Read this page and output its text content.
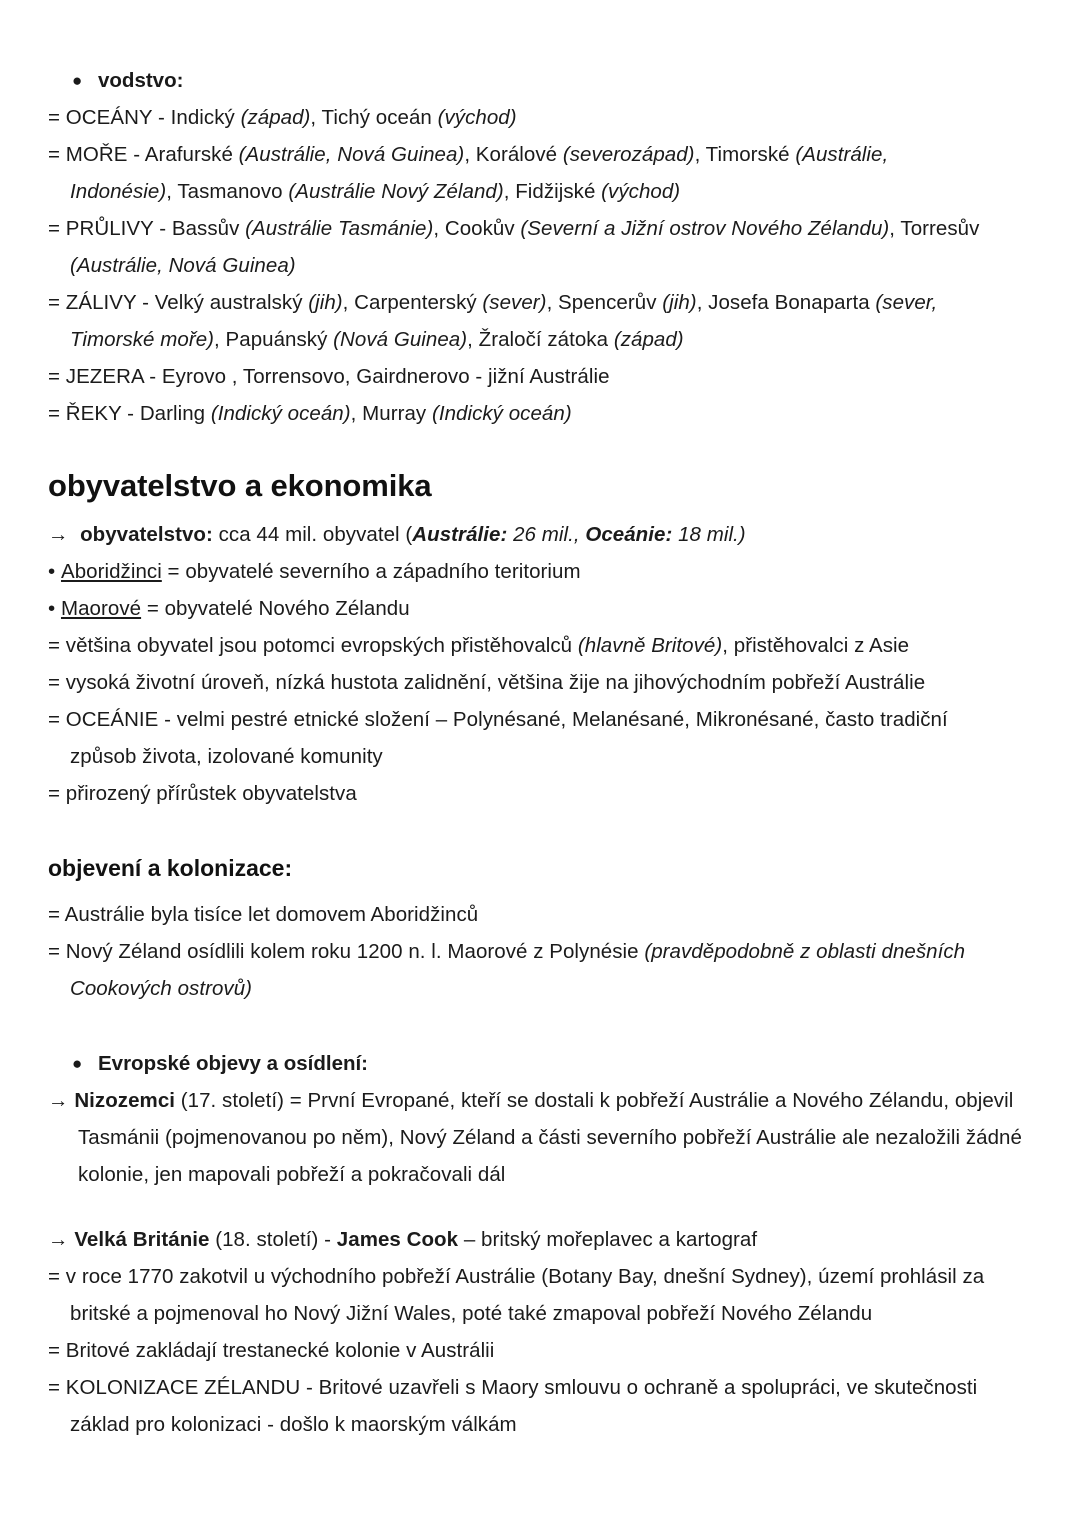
● vodstvo:
= OCEÁNY - Indický (západ), Tichý oceán (východ)
= MOŘE - Arafurské (Austrálie, Nová Guinea), Korálové (severozápad), Timorské (Austrálie, Indonésie), Tasmanovo (Austrálie Nový Zéland), Fidžijské (východ)
= PRŮLIVY - Bassův (Austrálie Tasmánie), Cookův (Severní a Jižní ostrov Nového Zélandu), Torresův (Austrálie, Nová Guinea)
= ZÁLIVY - Velký australský (jih), Carpenterský (sever), Spencerův (jih), Josefa Bonaparta (sever, Timorské moře), Papuánský (Nová Guinea), Žraločí zátoka (západ)
= JEZERA - Eyrovo , Torrensovo, Gairdnerovo - jižní Austrálie
= ŘEKY - Darling (Indický oceán), Murray (Indický oceán)
obyvatelstvo a ekonomika
→ obyvatelstvo: cca 44 mil. obyvatel (Austrálie: 26 mil., Oceánie: 18 mil.)
• Aboridžinci = obyvatelé severního a západního teritorium
• Maorové = obyvatelé Nového Zélandu
= většina obyvatel jsou potomci evropských přistěhovalců (hlavně Britové), přistěhovalci z Asie
= vysoká životní úroveň, nízká hustota zalidnění, většina žije na jihovýchodním pobřeží Austrálie
= OCEÁNIE - velmi pestré etnické složení – Polynésané, Melanésané, Mikronésané, často tradiční způsob života, izolované komunity
= přirozený přírůstek obyvatelstva
objevení a kolonizace:
= Austrálie byla tisíce let domovem Aboridžinců
= Nový Zéland osídlili kolem roku 1200 n. l. Maorové z Polynésie (pravděpodobně z oblasti dnešních Cookových ostrovů)
● Evropské objevy a osídlení:
→ Nizozemci (17. století) = První Evropané, kteří se dostali k pobřeží Austrálie a Nového Zélandu, objevil Tasmánii (pojmenovanou po něm), Nový Zéland a části severního pobřeží Austrálie ale nezaložili žádné kolonie, jen mapovali pobřeží a pokračovali dál
→ Velká Británie (18. století) - James Cook – britský mořeplavec a kartograf
= v roce 1770 zakotvil u východního pobřeží Austrálie (Botany Bay, dnešní Sydney), území prohlásil za britské a pojmenoval ho Nový Jižní Wales, poté také zmapoval pobřeží Nového Zélandu
= Britové zakládají trestanecké kolonie v Austrálii
= KOLONIZACE ZÉLANDU - Britové uzavřeli s Maory smlouvu o ochraně a spolupráci, ve skutečnosti základ pro kolonizaci - došlo k maorským válkám
